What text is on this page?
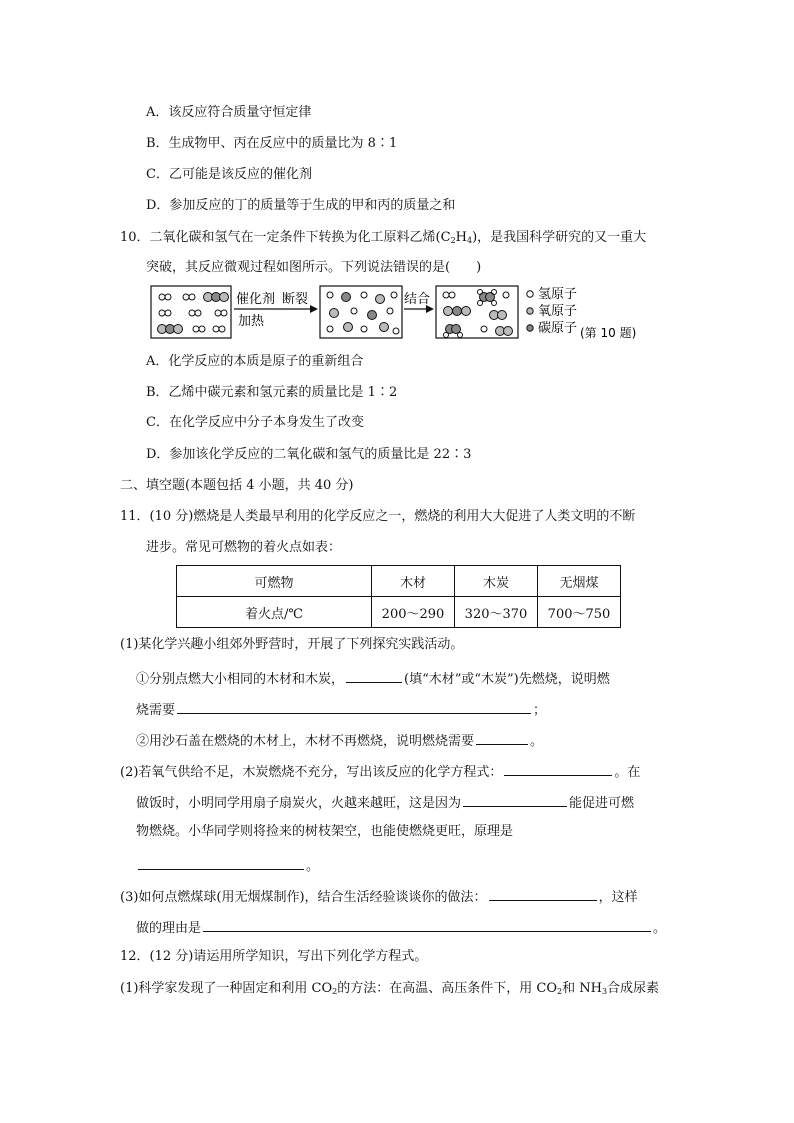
A．该反应符合质量守恒定律
B．生成物甲、丙在反应中的质量比为 8∶1
C．乙可能是该反应的催化剂
D．参加反应的丁的质量等于生成的甲和丙的质量之和
10．二氧化碳和氢气在一定条件下转换为化工原料乙烯$(C_2H_4)$，是我国科学研究的又一重大
突破，其反应微观过程如图所示。下列说法错误的是(　　)
催化剂
加热
断裂	结合	氢原子
氧原子
碳原子 (第 10 题)
A．化学反应的本质是原子的重新组合
B．乙烯中碳元素和氢元素的质量比是 1∶2
C．在化学反应中分子本身发生了改变
D．参加该化学反应的二氧化碳和氢气的质量比是 22∶3
二、填空题(本题包括 4 小题，共 40 分)
11．(10 分)燃烧是人类最早利用的化学反应之一，燃烧的利用大大促进了人类文明的不断
进步。常见可燃物的着火点如表：
可燃物	木材	木炭	无烟煤
着火点/℃	200～290	320～370	700～750
(1)某化学兴趣小组郊外野营时，开展了下列探究实践活动。
①分别点燃大小相同的木材和木炭，	(填“木材”或“木炭”)先燃烧，说明燃
烧需要	；
②用沙石盖在燃烧的木材上，木材不再燃烧，说明燃烧需要	。
(2)若氧气供给不足，木炭燃烧不充分，写出该反应的化学方程式：	。在
做饭时，小明同学用扇子扇炭火，火越来越旺，这是因为	能促进可燃
物燃烧。小华同学则将捡来的树枝架空，也能使燃烧更旺，原理是
。
(3)如何点燃煤球(用无烟煤制作)，结合生活经验谈谈你的做法：	，这样
做的理由是	。
12．(12 分)请运用所学知识，写出下列化学方程式。
(1)科学家发现了一种固定和利用 $CO_2$的方法：在高温、高压条件下，用 $CO_2$和 $NH_3$合成尿素
